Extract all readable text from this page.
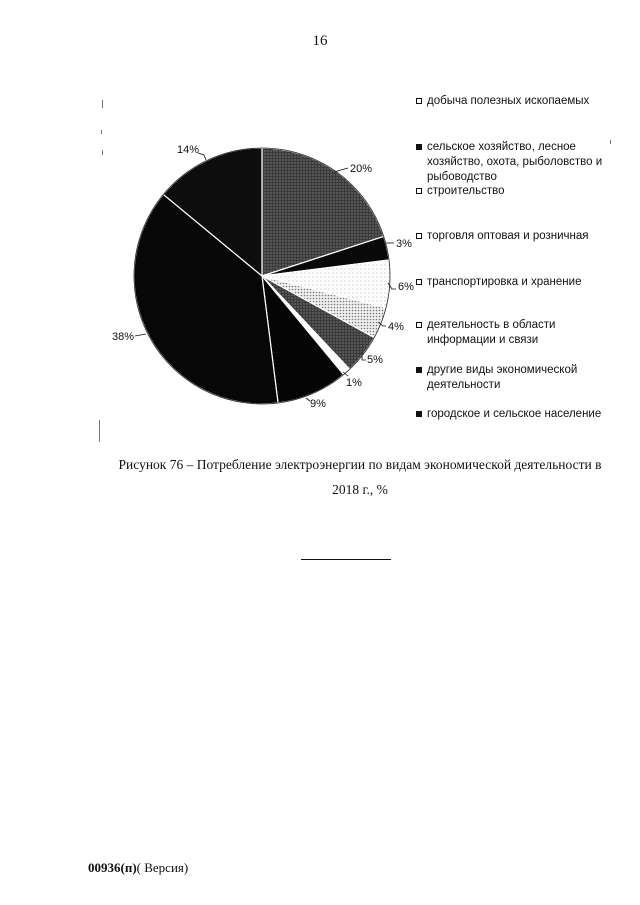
16
20%
3%
6%
4%
5%
1%
9%
38%
14%
добыча полезных ископаемых
сельское хозяйство, лесное хозяйство, охота, рыболовство и рыбоводство
строительство
торговля оптовая и розничная
транспортировка и хранение
деятельность в области информации и связи
другие виды экономической деятельности
городское и сельское население
Рисунок 76 – Потребление электроэнергии по видам экономической деятельности в
2018 г., %
00936(п)( Версия)
